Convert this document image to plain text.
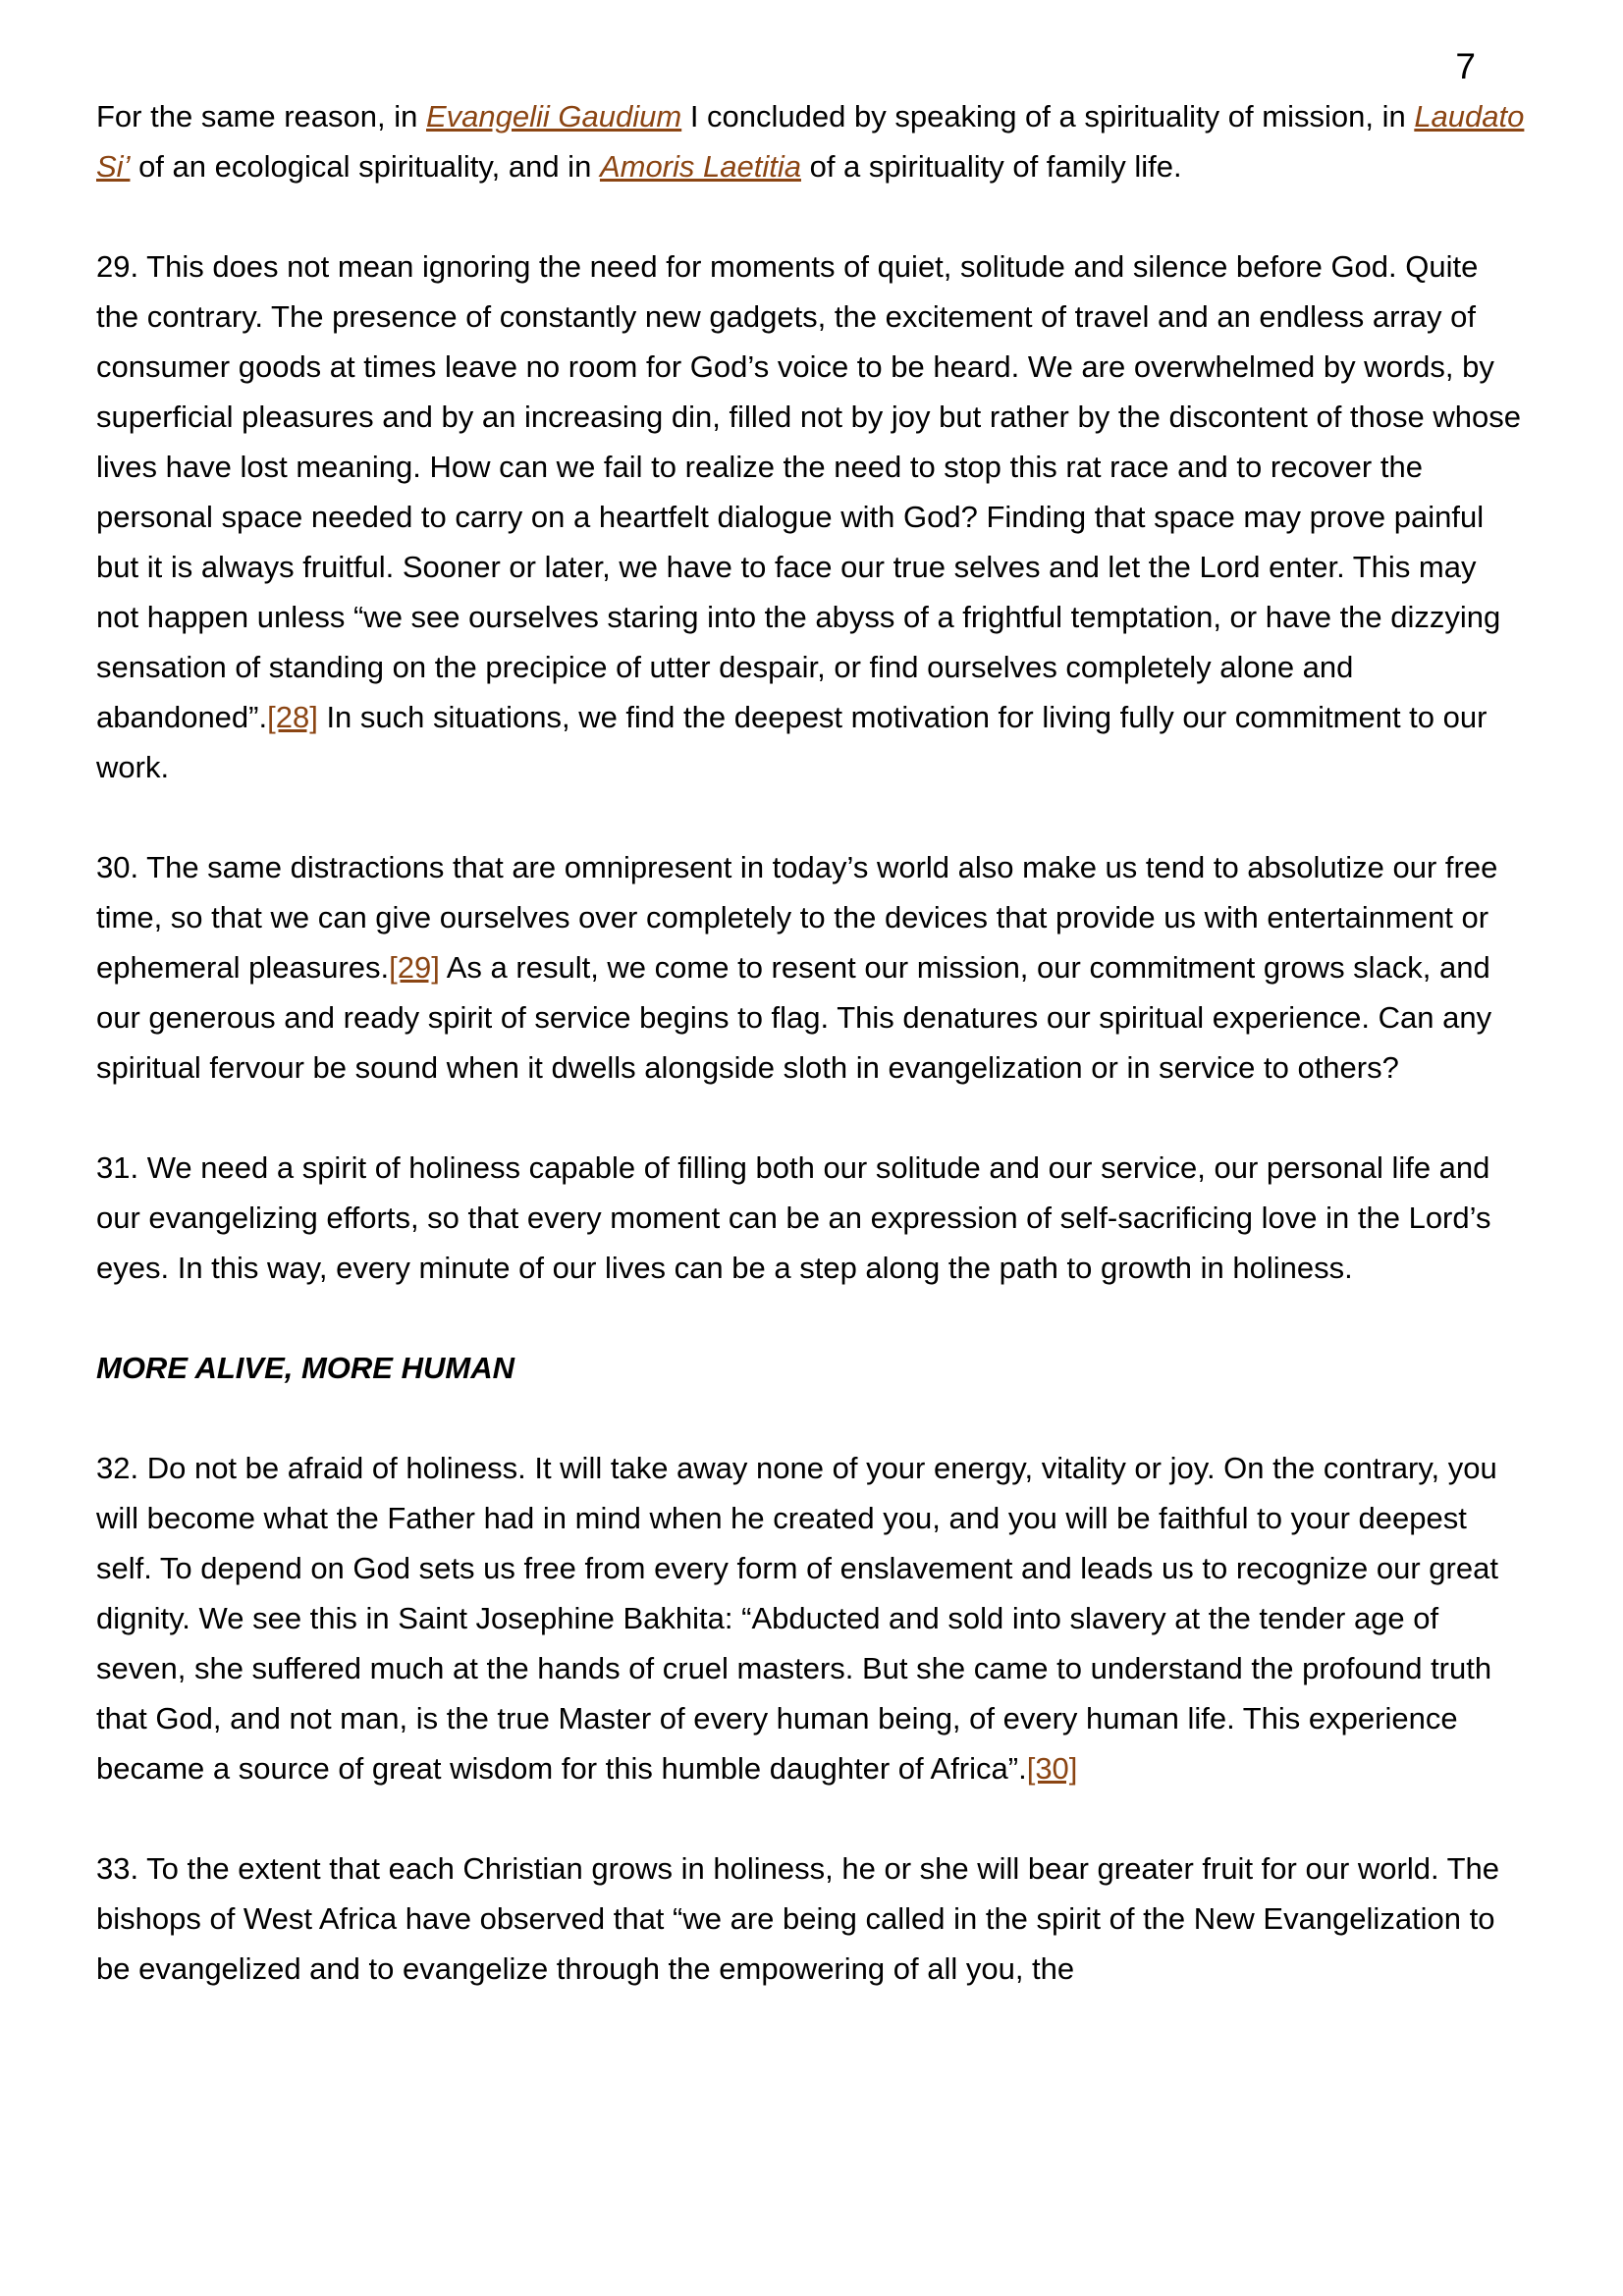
7

For the same reason, in Evangelii Gaudium I concluded by speaking of a spirituality of mission, in Laudato Si’ of an ecological spirituality, and in Amoris Laetitia of a spirituality of family life.

29. This does not mean ignoring the need for moments of quiet, solitude and silence before God. Quite the contrary. The presence of constantly new gadgets, the excitement of travel and an endless array of consumer goods at times leave no room for God’s voice to be heard. We are overwhelmed by words, by superficial pleasures and by an increasing din, filled not by joy but rather by the discontent of those whose lives have lost meaning. How can we fail to realize the need to stop this rat race and to recover the personal space needed to carry on a heartfelt dialogue with God? Finding that space may prove painful but it is always fruitful. Sooner or later, we have to face our true selves and let the Lord enter. This may not happen unless “we see ourselves staring into the abyss of a frightful temptation, or have the dizzying sensation of standing on the precipice of utter despair, or find ourselves completely alone and abandoned”.[28] In such situations, we find the deepest motivation for living fully our commitment to our work.

30. The same distractions that are omnipresent in today’s world also make us tend to absolutize our free time, so that we can give ourselves over completely to the devices that provide us with entertainment or ephemeral pleasures.[29] As a result, we come to resent our mission, our commitment grows slack, and our generous and ready spirit of service begins to flag. This denatures our spiritual experience. Can any spiritual fervour be sound when it dwells alongside sloth in evangelization or in service to others?

31. We need a spirit of holiness capable of filling both our solitude and our service, our personal life and our evangelizing efforts, so that every moment can be an expression of self-sacrificing love in the Lord’s eyes. In this way, every minute of our lives can be a step along the path to growth in holiness.

MORE ALIVE, MORE HUMAN

32. Do not be afraid of holiness. It will take away none of your energy, vitality or joy. On the contrary, you will become what the Father had in mind when he created you, and you will be faithful to your deepest self. To depend on God sets us free from every form of enslavement and leads us to recognize our great dignity. We see this in Saint Josephine Bakhita: “Abducted and sold into slavery at the tender age of seven, she suffered much at the hands of cruel masters. But she came to understand the profound truth that God, and not man, is the true Master of every human being, of every human life. This experience became a source of great wisdom for this humble daughter of Africa”.[30]

33. To the extent that each Christian grows in holiness, he or she will bear greater fruit for our world. The bishops of West Africa have observed that “we are being called in the spirit of the New Evangelization to be evangelized and to evangelize through the empowering of all you, the
